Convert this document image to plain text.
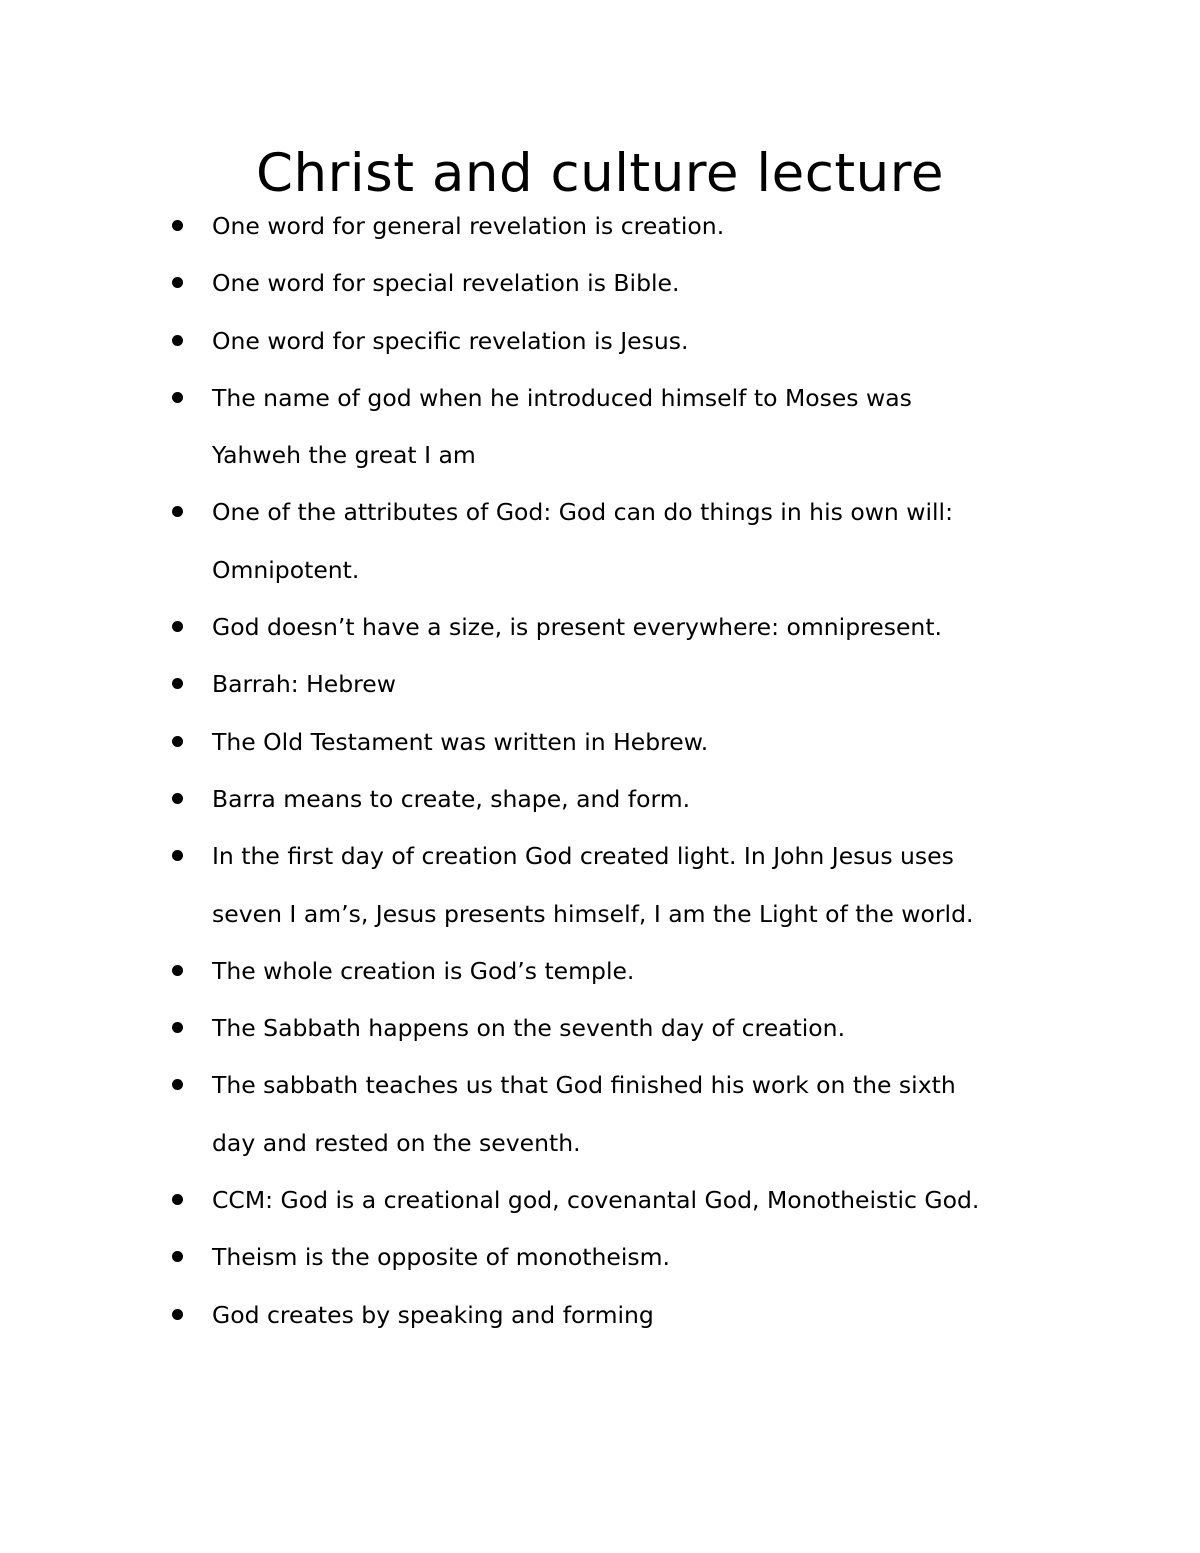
Christ and culture lecture
One word for general revelation is creation.
One word for special revelation is Bible.
One word for specific revelation is Jesus.
The name of god when he introduced himself to Moses was
Yahweh the great I am
One of the attributes of God: God can do things in his own will:
Omnipotent.
God doesn’t have a size, is present everywhere: omnipresent.
Barrah: Hebrew
The Old Testament was written in Hebrew.
Barra means to create, shape, and form.
In the first day of creation God created light. In John Jesus uses
seven I am’s, Jesus presents himself, I am the Light of the world.
The whole creation is God’s temple.
The Sabbath happens on the seventh day of creation.
The sabbath teaches us that God finished his work on the sixth
day and rested on the seventh.
CCM: God is a creational god, covenantal God, Monotheistic God.
Theism is the opposite of monotheism.
God creates by speaking and forming
